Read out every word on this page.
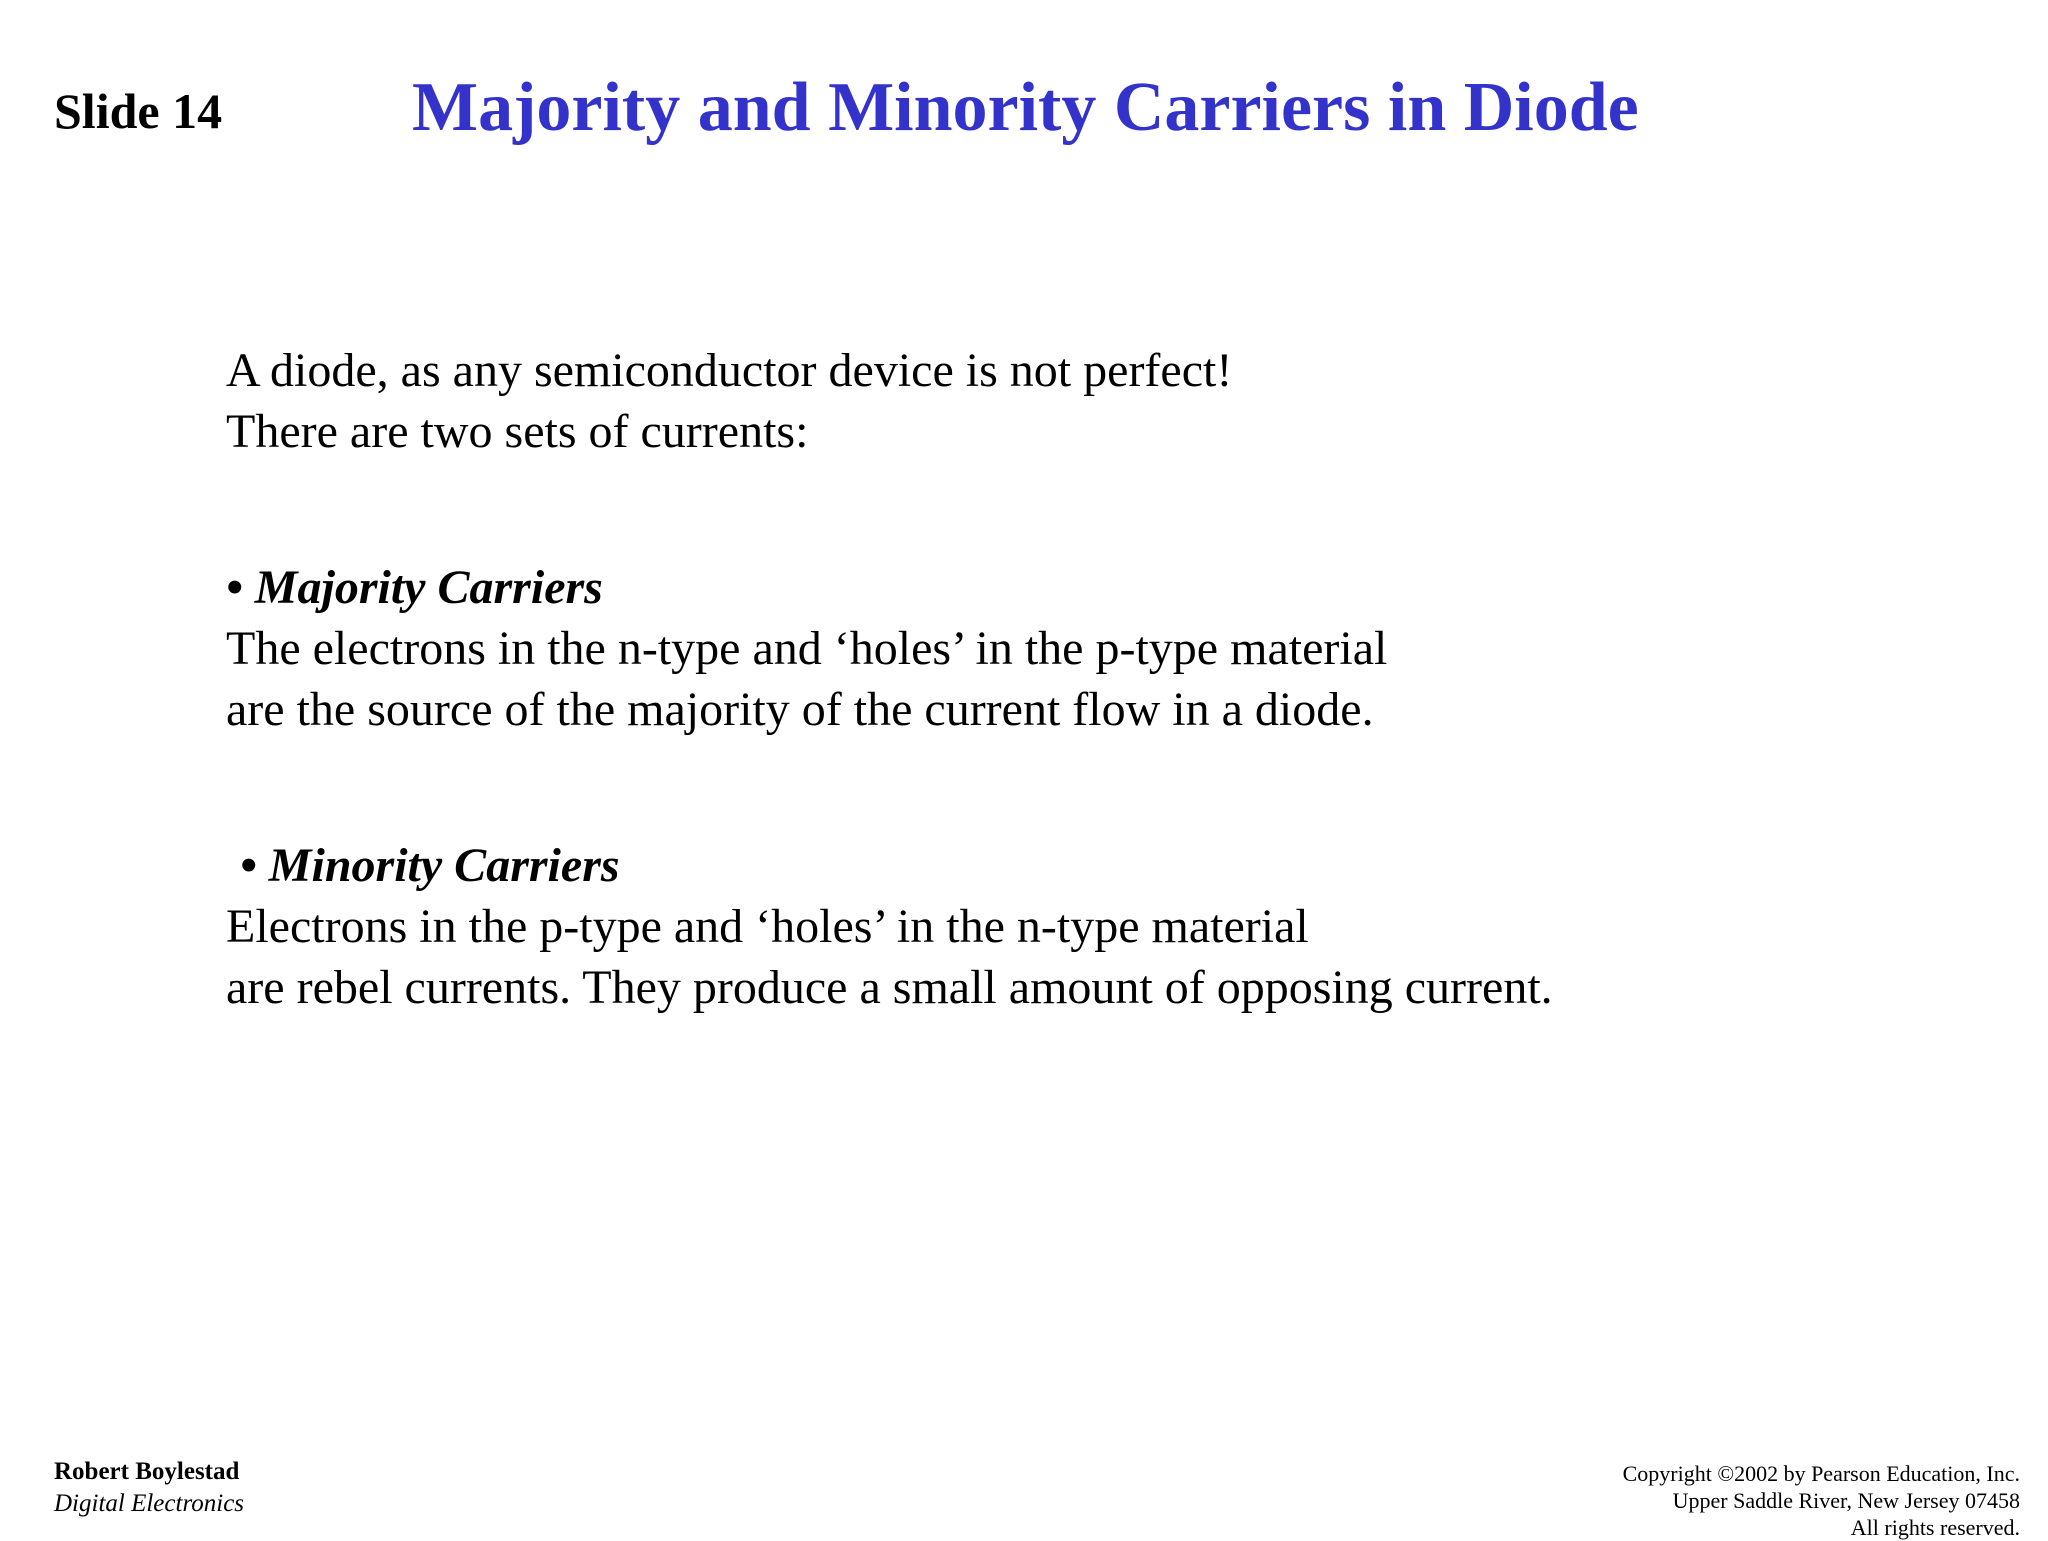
Slide 14	Majority and Minority Carriers in Diode
A diode, as any semiconductor device is not perfect!
There are two sets of currents:
• Majority Carriers
The electrons in the n-type and ‘holes’ in the p-type material
are the source of the majority of the current flow in a diode.
• Minority Carriers
Electrons in the p-type and ‘holes’ in the n-type material
are rebel currents. They produce a small amount of opposing current.
Robert Boylestad
Digital Electronics
Copyright ©2002 by Pearson Education, Inc.
Upper Saddle River, New Jersey 07458
All rights reserved.
